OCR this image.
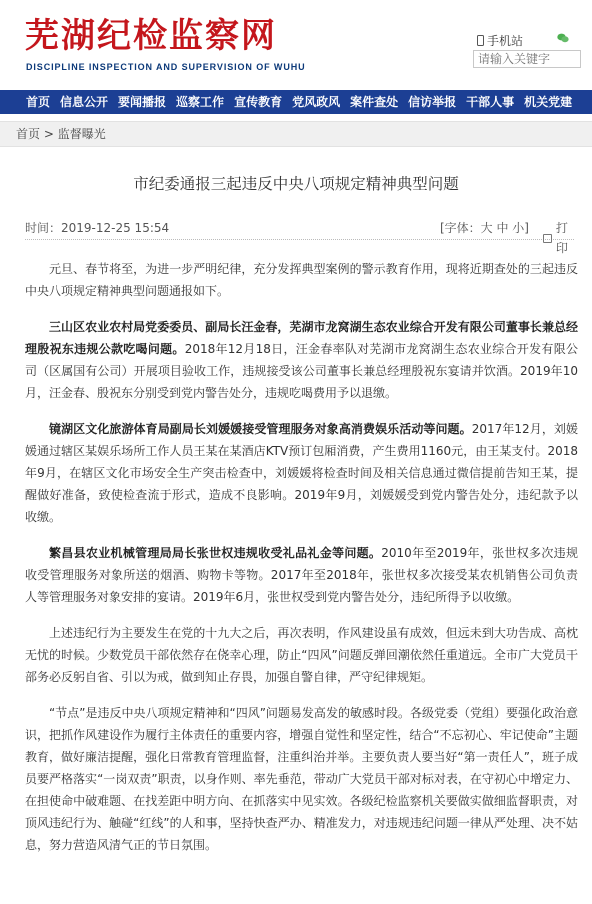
芜湖纪检监察网
DISCIPLINE INSPECTION AND SUPERVISION OF WUHU
手机站
请输入关键字
首页 信息公开 要闻播报 巡察工作 宣传教育 党风政风 案件查处 信访举报 干部人事 机关党建
首页 > 监督曝光
市纪委通报三起违反中央八项规定精神典型问题
时间：2019-12-25 15:54	[字体：大 中 小] 打印

元旦、春节将至，为进一步严明纪律，充分发挥典型案例的警示教育作用，现将近期查处的三起违反中央八项规定精神典型问题通报如下。

三山区农业农村局党委委员、副局长汪金春，芜湖市龙窝湖生态农业综合开发有限公司董事长兼总经理殷祝东违规公款吃喝问题。2018年12月18日，汪金春率队对芜湖市龙窝湖生态农业综合开发有限公司（区属国有公司）开展项目验收工作，违规接受该公司董事长兼总经理殷祝东宴请并饮酒。2019年10月，汪金春、殷祝东分别受到党内警告处分，违规吃喝费用予以退缴。

镜湖区文化旅游体育局副局长刘媛媛接受管理服务对象高消费娱乐活动等问题。2017年12月，刘媛媛通过辖区某娱乐场所工作人员王某在某酒店KTV预订包厢消费，产生费用1160元，由王某支付。2018年9月，在辖区文化市场安全生产突击检查中，刘媛媛将检查时间及相关信息通过微信提前告知王某，提醒做好准备，致使检查流于形式，造成不良影响。2019年9月，刘媛媛受到党内警告处分，违纪款予以收缴。

繁昌县农业机械管理局局长张世权违规收受礼品礼金等问题。2010年至2019年，张世权多次违规收受管理服务对象所送的烟酒、购物卡等物。2017年至2018年，张世权多次接受某农机销售公司负责人等管理服务对象安排的宴请。2019年6月，张世权受到党内警告处分，违纪所得予以收缴。

上述违纪行为主要发生在党的十九大之后，再次表明，作风建设虽有成效，但远未到大功告成、高枕无忧的时候。少数党员干部依然存在侥幸心理，防止“四风”问题反弹回潮依然任重道远。全市广大党员干部务必反躬自省、引以为戒，做到知止存畏，加强自警自律，严守纪律规矩。

“节点”是违反中央八项规定精神和“四风”问题易发高发的敏感时段。各级党委（党组）要强化政治意识，把抓作风建设作为履行主体责任的重要内容，增强自觉性和坚定性，结合“不忘初心、牢记使命”主题教育，做好廉洁提醒，强化日常教育管理监督，注重纠治并举。主要负责人要当好“第一责任人”，班子成员要严格落实“一岗双责”职责，以身作则、率先垂范，带动广大党员干部对标对表，在守初心中增定力、在担使命中破难题、在找差距中明方向、在抓落实中见实效。各级纪检监察机关要做实做细监督职责，对顶风违纪行为、触碰“红线”的人和事，坚持快查严办、精准发力，对违规违纪问题一律从严处理、决不姑息，努力营造风清气正的节日氛围。
